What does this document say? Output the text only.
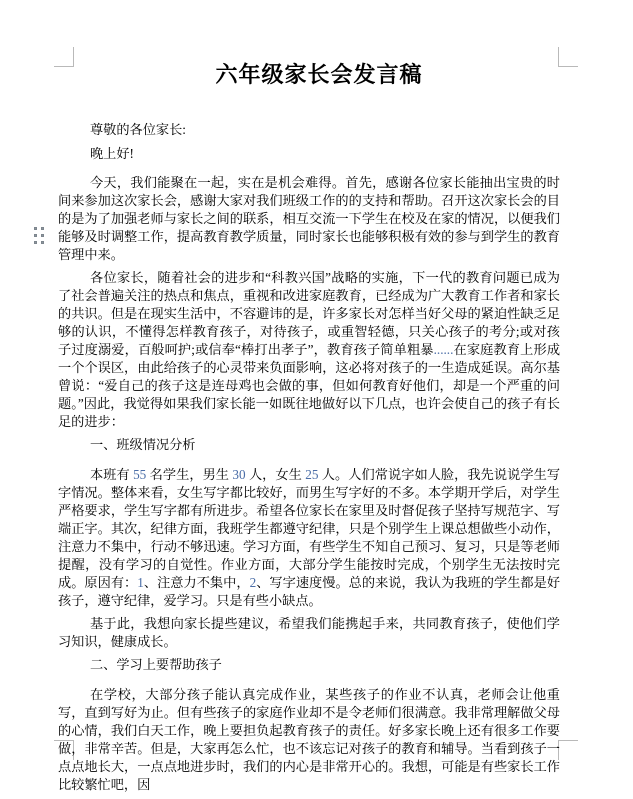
六年级家长会发言稿

尊敬的各位家长:

晚上好!

今天，我们能聚在一起，实在是机会难得。首先，感谢各位家长能抽出宝贵的时间来参加这次家长会，感谢大家对我们班级工作的的支持和帮助。召开这次家长会的目的是为了加强老师与家长之间的联系，相互交流一下学生在校及在家的情况，以便我们能够及时调整工作，提高教育教学质量，同时家长也能够积极有效的参与到学生的教育管理中来。

各位家长，随着社会的进步和“科教兴国”战略的实施，下一代的教育问题已成为了社会普遍关注的热点和焦点，重视和改进家庭教育，已经成为广大教育工作者和家长的共识。但是在现实生活中，不容避讳的是，许多家长对怎样当好父母的紧迫性缺乏足够的认识，不懂得怎样教育孩子，对待孩子，或重智轻德，只关心孩子的考分;或对孩子过度溺爱，百般呵护;或信奉“棒打出孝子”，教育孩子简单粗暴......在家庭教育上形成一个个误区，由此给孩子的心灵带来负面影响，这必将对孩子的一生造成延误。高尔基曾说：“爱自己的孩子这是连母鸡也会做的事，但如何教育好他们，却是一个严重的问题。”因此，我觉得如果我们家长能一如既往地做好以下几点，也许会使自己的孩子有长足的进步：

一、班级情况分析

本班有 55 名学生，男生 30 人，女生 25 人。人们常说字如人脸，我先说说学生写字情况。整体来看，女生写字都比较好，而男生写字好的不多。本学期开学后，对学生严格要求，学生写字都有所进步。希望各位家长在家里及时督促孩子坚持写规范字、写端正字。其次，纪律方面，我班学生都遵守纪律，只是个别学生上课总想做些小动作，注意力不集中，行动不够迅速。学习方面，有些学生不知自己预习、复习，只是等老师提醒，没有学习的自觉性。作业方面，大部分学生能按时完成，个别学生无法按时完成。原因有：1、注意力不集中，2、写字速度慢。总的来说，我认为我班的学生都是好孩子，遵守纪律，爱学习。只是有些小缺点。

基于此，我想向家长提些建议，希望我们能携起手来，共同教育孩子，使他们学习知识，健康成长。

二、学习上要帮助孩子

在学校，大部分孩子能认真完成作业，某些孩子的作业不认真，老师会让他重写，直到写好为止。但有些孩子的家庭作业却不是令老师们很满意。我非常理解做父母的心情，我们白天工作，晚上要担负起教育孩子的责任。好多家长晚上还有很多工作要做，非常辛苦。但是，大家再怎么忙，也不该忘记对孩子的教育和辅导。当看到孩子一点点地长大，一点点地进步时，我们的内心是非常开心的。我想，可能是有些家长工作比较繁忙吧，因
